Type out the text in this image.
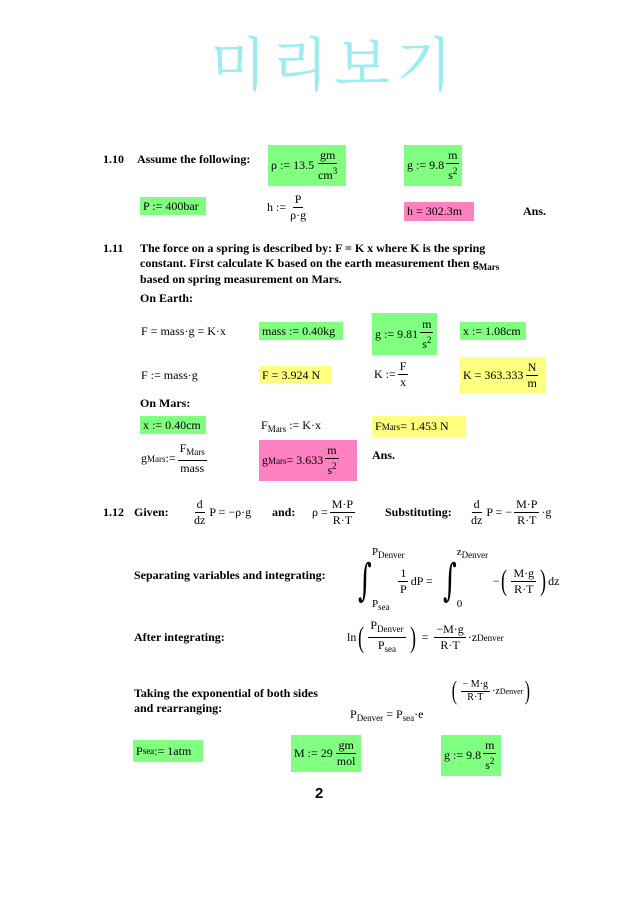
미리보기
1.10 Assume the following: ρ := $13.5 \frac{gm}{cm^3}$	g := $9.8 \frac{m}{s^2}$
P := 400bar	h := $\frac{P}{\rho\cdot g}$	h = 302.3m	Ans.
1.11 The force on a spring is described by: F = K x where K is the spring
constant. First calculate K based on the earth measurement then $g_{Mars}$
based on spring measurement on Mars.
On Earth:
F = mass·g = K·x	mass := 0.40kg	g := $9.81 \frac{m}{s^2}$ x := 1.08cm
F := mass·g	F = 3.924 N	K := $\frac{F}{x}$	$K = 363.333 \frac{N}{m}$
On Mars:
x := 0.40cm	$F_{Mars}$ := K·x	F Mars = 1.453 N
g Mars := $\frac{F_{Mars}}{\text{mass}}$	g Mars = $3.633 \frac{m}{s^2}$	Ans.
1.12 Given: $\frac{d}{dz}$ P = −ρ·g and: $\rho = \frac{M\cdot P}{R\cdot T}$ Substituting: $\frac{d}{dz}$ P = − $\frac{M\cdot P}{R\cdot T} \cdot g$
Separating variables and integrating: ∫
$P_{Denver}$
$P_{sea}$
$\frac{1}{P}$ dP = ∫
$z_{Denver}$
0
− ( $\frac{M\cdot g}{R\cdot T}$ ) dz
After integrating:	ln ( $\frac{P_{Denver}}{P_{sea}}$ ) = $\frac{-M\cdot g}{R\cdot T} \cdot z$ Denver
Taking the exponential of both sides
and rearranging:	$P_{Denver} = P_{sea}\cdot e$
( $\frac{- M\cdot g}{R\cdot T} \cdot z$ Denver )
P sea := 1atm	M := $29 \frac{gm}{\text{mol}}$	g := $9.8 \frac{m}{s^2}$
2
